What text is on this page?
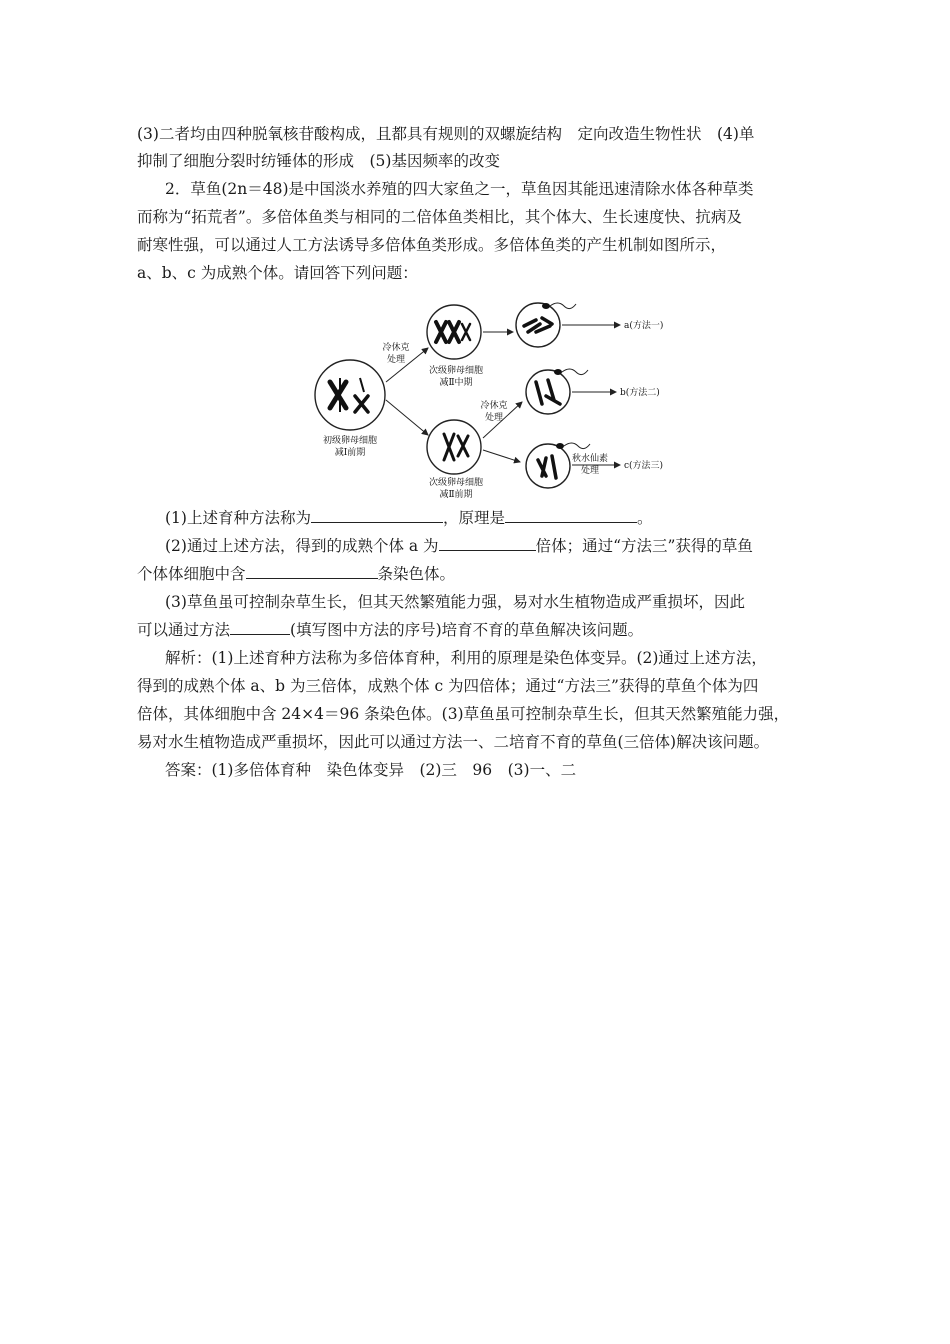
(3)二者均由四种脱氧核苷酸构成，且都具有规则的双螺旋结构　定向改造生物性状　(4)单
抑制了细胞分裂时纺锤体的形成　(5)基因频率的改变
2．草鱼(2n＝48)是中国淡水养殖的四大家鱼之一，草鱼因其能迅速清除水体各种草类
而称为“拓荒者”。多倍体鱼类与相同的二倍体鱼类相比，其个体大、生长速度快、抗病及
耐寒性强，可以通过人工方法诱导多倍体鱼类形成。多倍体鱼类的产生机制如图所示，
a、b、c 为成熟个体。请回答下列问题：
初级卵母细胞
减Ⅰ前期
冷休克
处理
次级卵母细胞
减Ⅱ中期
a(方法一)
次级卵母细胞
减Ⅱ前期
冷休克
处理
b(方法二)
秋水仙素
处理	c(方法三)
(1)上述育种方法称为	，原理是	。
(2)通过上述方法，得到的成熟个体 a 为	倍体；通过“方法三”获得的草鱼
个体体细胞中含	条染色体。
(3)草鱼虽可控制杂草生长，但其天然繁殖能力强，易对水生植物造成严重损坏，因此
可以通过方法	(填写图中方法的序号)培育不育的草鱼解决该问题。
解析：(1)上述育种方法称为多倍体育种，利用的原理是染色体变异。(2)通过上述方法，
得到的成熟个体 a、b 为三倍体，成熟个体 c 为四倍体；通过“方法三”获得的草鱼个体为四
倍体，其体细胞中含 24×4＝96 条染色体。(3)草鱼虽可控制杂草生长，但其天然繁殖能力强，
易对水生植物造成严重损坏，因此可以通过方法一、二培育不育的草鱼(三倍体)解决该问题。
答案：(1)多倍体育种　染色体变异　(2)三　96　(3)一、二
